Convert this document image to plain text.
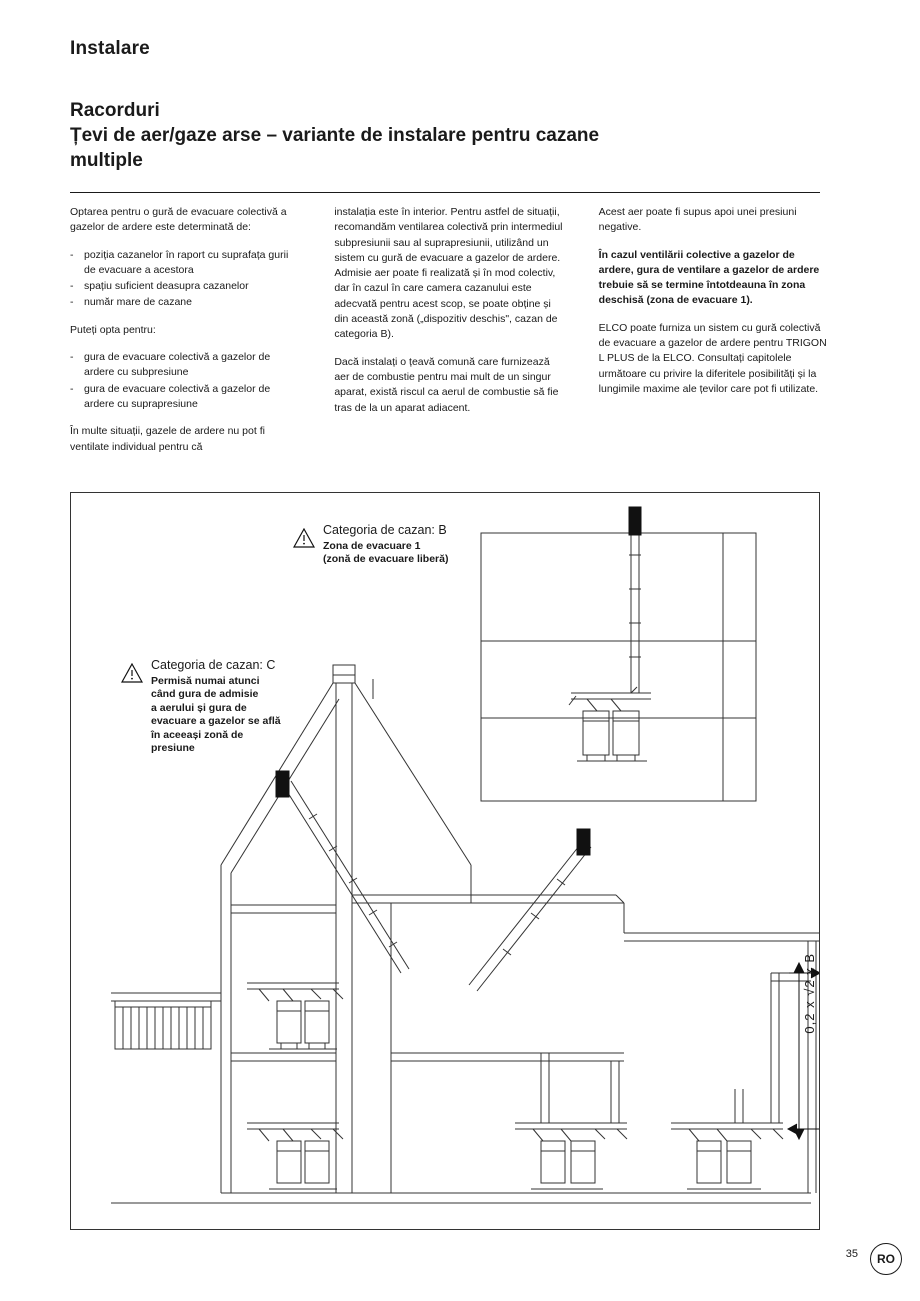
Instalare
Racorduri
Țevi de aer/gaze arse – variante de instalare pentru cazane
multiple

Optarea pentru o gură de evacuare colectivă a gazelor de ardere este determinată de:

- poziția cazanelor în raport cu suprafața gurii de evacuare a acestora
- spațiu suficient deasupra cazanelor
- număr mare de cazane

Puteți opta pentru:

- gura de evacuare colectivă a gazelor de ardere cu subpresiune
- gura de evacuare colectivă a gazelor de ardere cu suprapresiune

În multe situații, gazele de ardere nu pot fi ventilate individual pentru că

instalația este în interior. Pentru astfel de situații, recomandăm ventilarea colectivă prin intermediul subpresiunii sau al suprapresiunii, utilizând un sistem cu gură de evacuare a gazelor de ardere. Admisie aer poate fi realizată și în mod colectiv, dar în cazul în care camera cazanului este adecvată pentru acest scop, se poate obține și din această zonă („dispozitiv deschis", cazan de categoria B).

Dacă instalați o țeavă comună care furnizează aer de combustie pentru mai mult de un singur aparat, există riscul ca aerul de combustie să fie tras de la un aparat adiacent.

Acest aer poate fi supus apoi unei presiuni negative.

În cazul ventilării colective a gazelor de ardere, gura de ventilare a gazelor de ardere trebuie să se termine întotdeauna în zona deschisă (zona de evacuare 1).

ELCO poate furniza un sistem cu gură colectivă de evacuare a gazelor de ardere pentru TRIGON L PLUS de la ELCO. Consultați capitolele următoare cu privire la diferitele posibilități și la lungimile maxime ale țevilor care pot fi utilizate.

Categoria de cazan: B
Zona de evacuare 1
(zonă de evacuare liberă)
Categoria de cazan: C
Permisă numai atunci
când gura de admisie
a aerului și gura de
evacuare a gazelor se află
în aceeași zonă de
presiune
0,2 x √2 x B
35	RO
